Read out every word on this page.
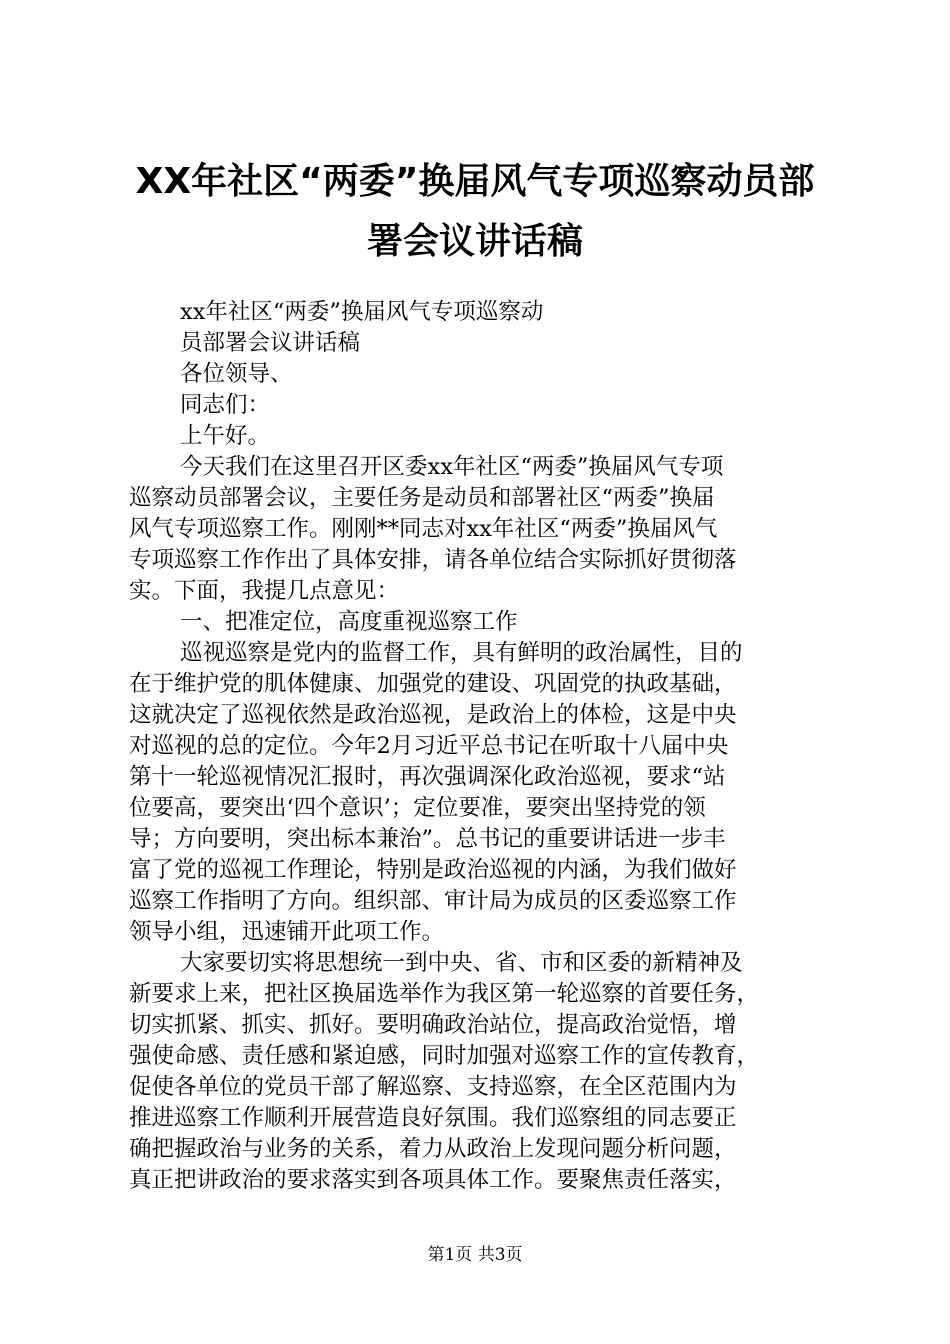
XX年社区“两委”换届风气专项巡察动员部
署会议讲话稿
xx年社区“两委”换届风气专项巡察动
员部署会议讲话稿
各位领导、
同志们：
上午好。
今天我们在这里召开区委xx年社区“两委”换届风气专项
巡察动员部署会议，主要任务是动员和部署社区“两委”换届
风气专项巡察工作。刚刚**同志对xx年社区“两委”换届风气
专项巡察工作作出了具体安排，请各单位结合实际抓好贯彻落
实。下面，我提几点意见：
一、把准定位，高度重视巡察工作
巡视巡察是党内的监督工作，具有鲜明的政治属性，目的
在于维护党的肌体健康、加强党的建设、巩固党的执政基础，
这就决定了巡视依然是政治巡视，是政治上的体检，这是中央
对巡视的总的定位。今年2月习近平总书记在听取十八届中央
第十一轮巡视情况汇报时，再次强调深化政治巡视，要求“站
位要高，要突出‘四个意识’；定位要准，要突出坚持党的领
导；方向要明，突出标本兼治”。总书记的重要讲话进一步丰
富了党的巡视工作理论，特别是政治巡视的内涵，为我们做好
巡察工作指明了方向。组织部、审计局为成员的区委巡察工作
领导小组，迅速铺开此项工作。
大家要切实将思想统一到中央、省、市和区委的新精神及
新要求上来，把社区换届选举作为我区第一轮巡察的首要任务，
切实抓紧、抓实、抓好。要明确政治站位，提高政治觉悟，增
强使命感、责任感和紧迫感，同时加强对巡察工作的宣传教育，
促使各单位的党员干部了解巡察、支持巡察，在全区范围内为
推进巡察工作顺利开展营造良好氛围。我们巡察组的同志要正
确把握政治与业务的关系，着力从政治上发现问题分析问题，
真正把讲政治的要求落实到各项具体工作。要聚焦责任落实，
第1页 共3页
